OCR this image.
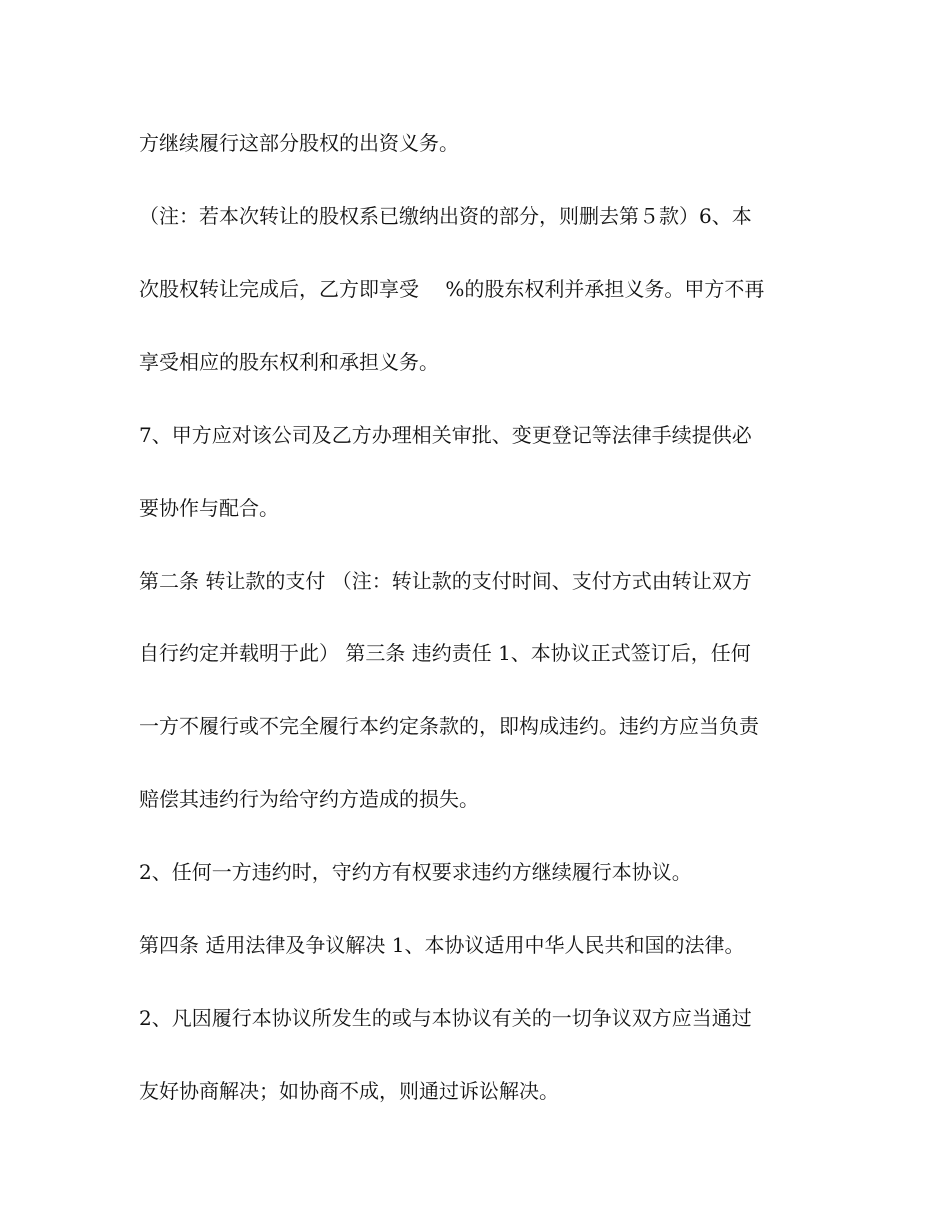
方继续履行这部分股权的出资义务。
（注：若本次转让的股权系已缴纳出资的部分，则删去第５款）6、本
次股权转让完成后，乙方即享受　 %的股东权利并承担义务。甲方不再
享受相应的股东权利和承担义务。
7、甲方应对该公司及乙方办理相关审批、变更登记等法律手续提供必
要协作与配合。
第二条 转让款的支付 （注：转让款的支付时间、支付方式由转让双方
自行约定并载明于此） 第三条 违约责任 1、本协议正式签订后，任何
一方不履行或不完全履行本约定条款的，即构成违约。违约方应当负责
赔偿其违约行为给守约方造成的损失。
2、任何一方违约时，守约方有权要求违约方继续履行本协议。
第四条 适用法律及争议解决 1、本协议适用中华人民共和国的法律。
2、凡因履行本协议所发生的或与本协议有关的一切争议双方应当通过
友好协商解决；如协商不成，则通过诉讼解决。
